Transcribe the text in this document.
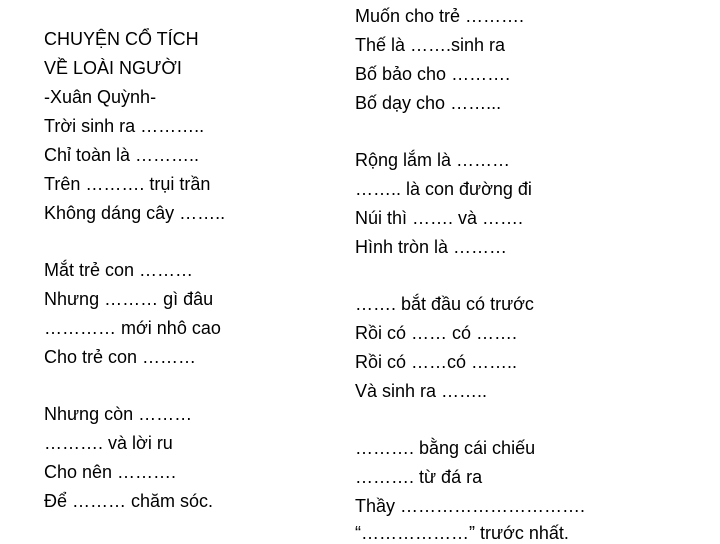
CHUYỆN CỔ TÍCH
VỀ LOÀI NGƯỜI
-Xuân Quỳnh-
Trời sinh ra ………..
Chỉ toàn là ………..
Trên ………. trụi trần
Không dáng cây ……..
Mắt trẻ con ………
Nhưng ……… gì đâu
………… mới nhô cao
Cho trẻ con ………
Nhưng còn ………
………. và lời ru
Cho nên ……….
Để ……… chăm sóc.
Muốn cho trẻ ……….
Thế là …….sinh ra
Bố bảo cho ……….
Bố dạy cho ……...
Rộng lắm là ………
…….. là con đường đi
Núi thì ……. và …….
Hình tròn là ………
……. bắt đầu có trước
Rồi có …… có …….
Rồi có ……có ……..
Và sinh ra ……..
………. bằng cái chiếu
………. từ đá ra
Thầy ………………………….
“………………” trước nhất.
